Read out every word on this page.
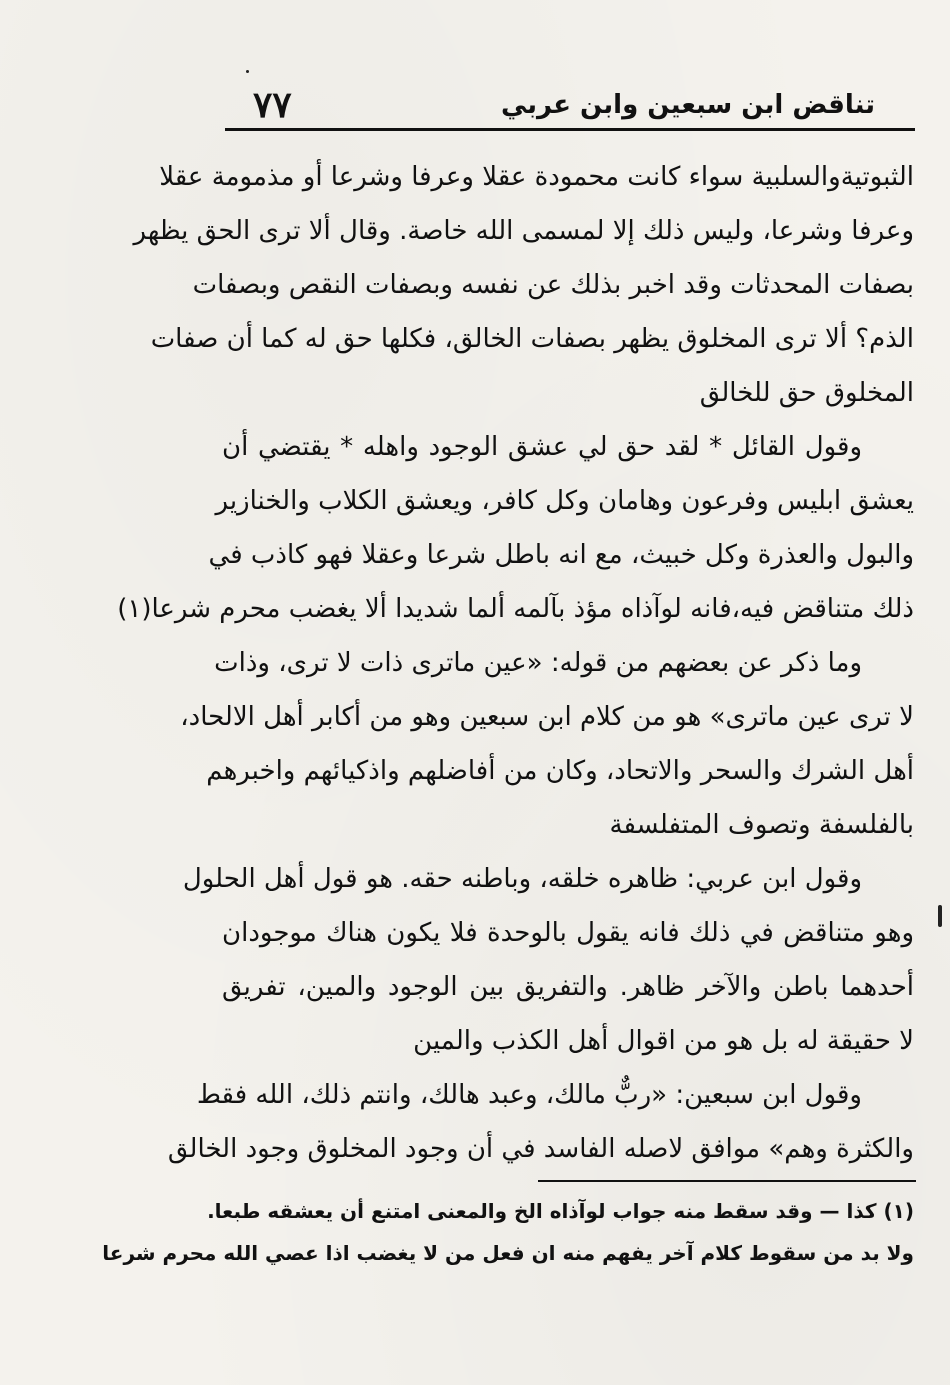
تناقض ابن سبعين وابن عربي
٧٧
الثبوتيةوالسلبية سواء كانت محمودة عقلا وعرفا وشرعا أو مذمومة عقلا
وعرفا وشرعا، وليس ذلك إلا لمسمى الله خاصة. وقال ألا ترى الحق يظهر
بصفات المحدثات وقد اخبر بذلك عن نفسه وبصفات النقص وبصفات
الذم؟ ألا ترى المخلوق يظهر بصفات الخالق، فكلها حق له كما أن صفات
المخلوق حق للخالق
وقول القائل * لقد حق لي عشق الوجود واهله * يقتضي أن
يعشق ابليس وفرعون وهامان وكل كافر، ويعشق الكلاب والخنازير
والبول والعذرة وكل خبيث، مع انه باطل شرعا وعقلا فهو كاذب في
ذلك متناقض فيه،فانه لوآذاه مؤذ بآلمه ألما شديدا ألا يغضب محرم شرعا(١)
وما ذكر عن بعضهم من قوله: «عين ماترى ذات لا ترى، وذات
لا ترى عين ماترى» هو من كلام ابن سبعين وهو من أكابر أهل الالحاد،
أهل الشرك والسحر والاتحاد، وكان من أفاضلهم واذكيائهم واخبرهم
بالفلسفة وتصوف المتفلسفة
وقول ابن عربي: ظاهره خلقه، وباطنه حقه. هو قول أهل الحلول
وهو متناقض في ذلك فانه يقول بالوحدة فلا يكون هناك موجودان
أحدهما باطن والآخر ظاهر. والتفريق بين الوجود والمين، تفريق
لا حقيقة له بل هو من اقوال أهل الكذب والمين
وقول ابن سبعين: «ربٌّ مالك، وعبد هالك، وانتم ذلك، الله فقط
والكثرة وهم» موافق لاصله الفاسد في أن وجود المخلوق وجود الخالق
(١) كذا — وقد سقط منه جواب لوآذاه الخ والمعنى امتنع أن يعشقه طبعا.
ولا بد من سقوط كلام آخر يفهم منه ان فعل من لا يغضب اذا عصي الله محرم شرعا
